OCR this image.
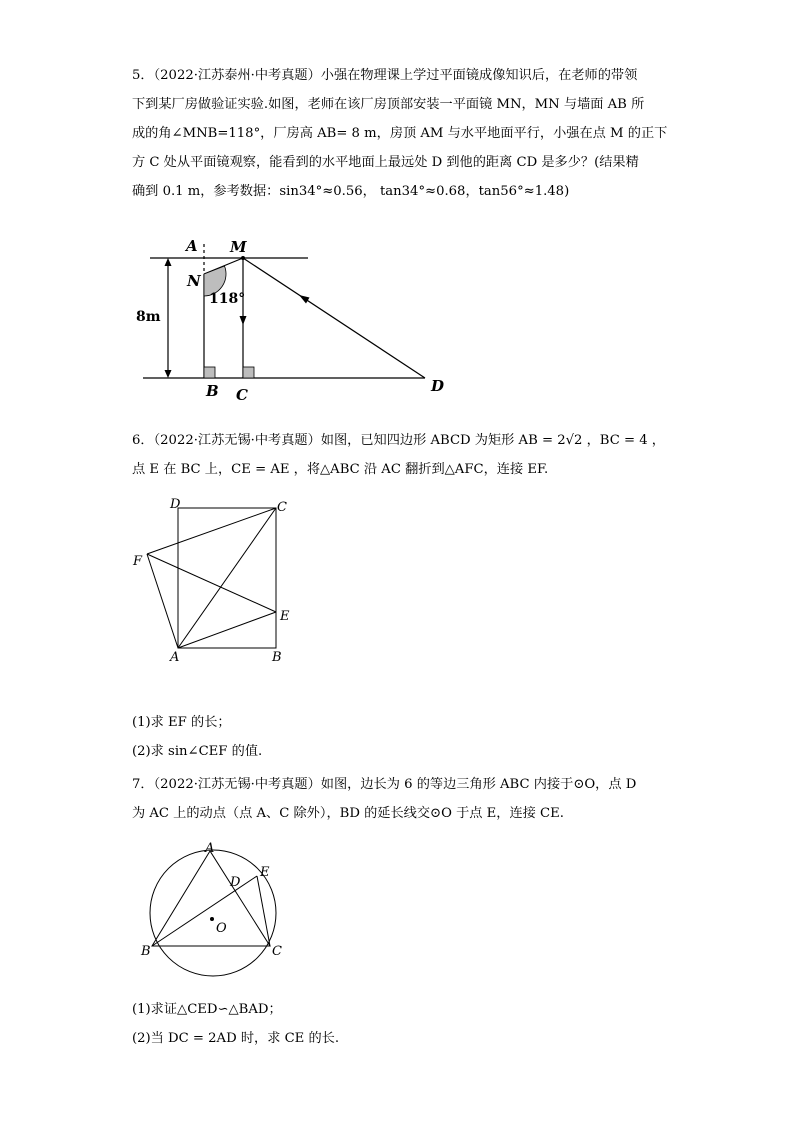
5．（2022·江苏泰州·中考真题）小强在物理课上学过平面镜成像知识后，在老师的带领
下到某厂房做验证实验.如图，老师在该厂房顶部安装一平面镜 MN，MN 与墙面 AB 所
成的角∠MNB=118°，厂房高 AB= 8 m，房顶 AM 与水平地面平行，小强在点 M 的正下
方 C 处从平面镜观察，能看到的水平地面上最远处 D 到他的距离 CD 是多少？(结果精
确到 0.1 m，参考数据：sin34°≈0.56， tan34°≈0.68，tan56°≈1.48)
A M
N
118°
8m
B C	D
6．（2022·江苏无锡·中考真题）如图，已知四边形 ABCD 为矩形 AB = 2√2 ，BC = 4 ，
点 E 在 BC 上，CE = AE ，将△ABC 沿 AC 翻折到△AFC，连接 EF.
D	C
F
E
A	B
(1)求 EF 的长；
(2)求 sin∠CEF 的值.
7．（2022·江苏无锡·中考真题）如图，边长为 6 的等边三角形 ABC 内接于⊙O，点 D
为 AC 上的动点（点 A、C 除外），BD 的延长线交⊙O 于点 E，连接 CE.
A
E
D
O
B	C
(1)求证△CED∽△BAD；
(2)当 DC = 2AD 时，求 CE 的长.
